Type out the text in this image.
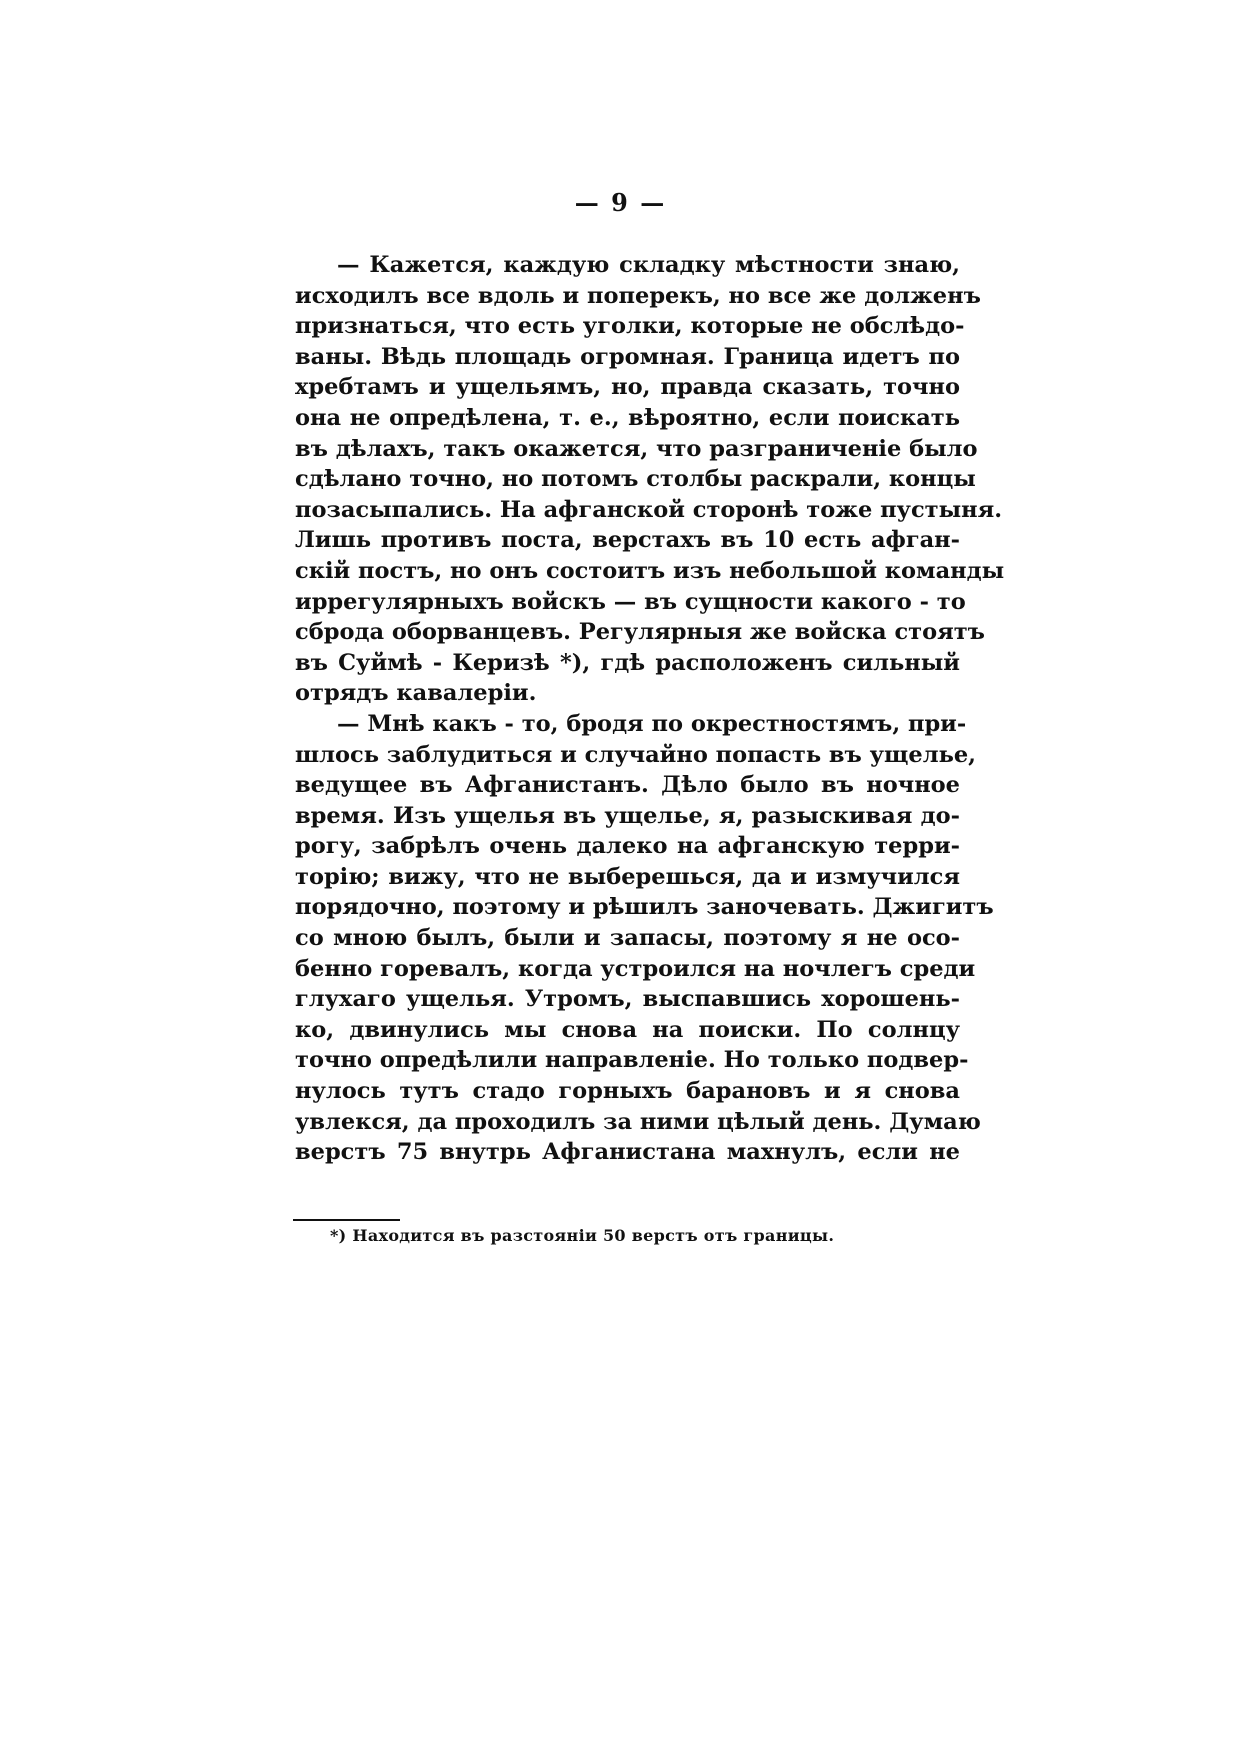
— 9 —
— Кажется, каждую складку мѣстности знаю,
исходилъ все вдоль и поперекъ, но все же долженъ
признаться, что есть уголки, которые не обслѣдо-
ваны. Вѣдь площадь огромная. Граница идетъ по
хребтамъ и ущельямъ, но, правда сказать, точно
она не опредѣлена, т. е., вѣроятно, если поискать
въ дѣлахъ, такъ окажется, что разграниченіе было
сдѣлано точно, но потомъ столбы раскрали, концы
позасыпались. На афганской сторонѣ тоже пустыня.
Лишь противъ поста, верстахъ въ 10 есть афган-
скій постъ, но онъ состоитъ изъ небольшой команды
иррегулярныхъ войскъ — въ сущности какого - то
сброда оборванцевъ. Регулярныя же войска стоятъ
въ Суймѣ - Керизѣ *), гдѣ расположенъ сильный
отрядъ кавалеріи.
— Мнѣ какъ - то, бродя по окрестностямъ, при-
шлось заблудиться и случайно попасть въ ущелье,
ведущее въ Афганистанъ. Дѣло было въ ночное
время. Изъ ущелья въ ущелье, я, разыскивая до-
рогу, забрѣлъ очень далеко на афганскую терри-
торію; вижу, что не выберешься, да и измучился
порядочно, поэтому и рѣшилъ заночевать. Джигитъ
со мною былъ, были и запасы, поэтому я не осо-
бенно горевалъ, когда устроился на ночлегъ среди
глухаго ущелья. Утромъ, выспавшись хорошень-
ко, двинулись мы снова на поиски. По солнцу
точно опредѣлили направленіе. Но только подвер-
нулось тутъ стадо горныхъ барановъ и я снова
увлекся, да проходилъ за ними цѣлый день. Думаю
верстъ 75 внутрь Афганистана махнулъ, если не
*) Находится въ разстояніи 50 верстъ отъ границы.
